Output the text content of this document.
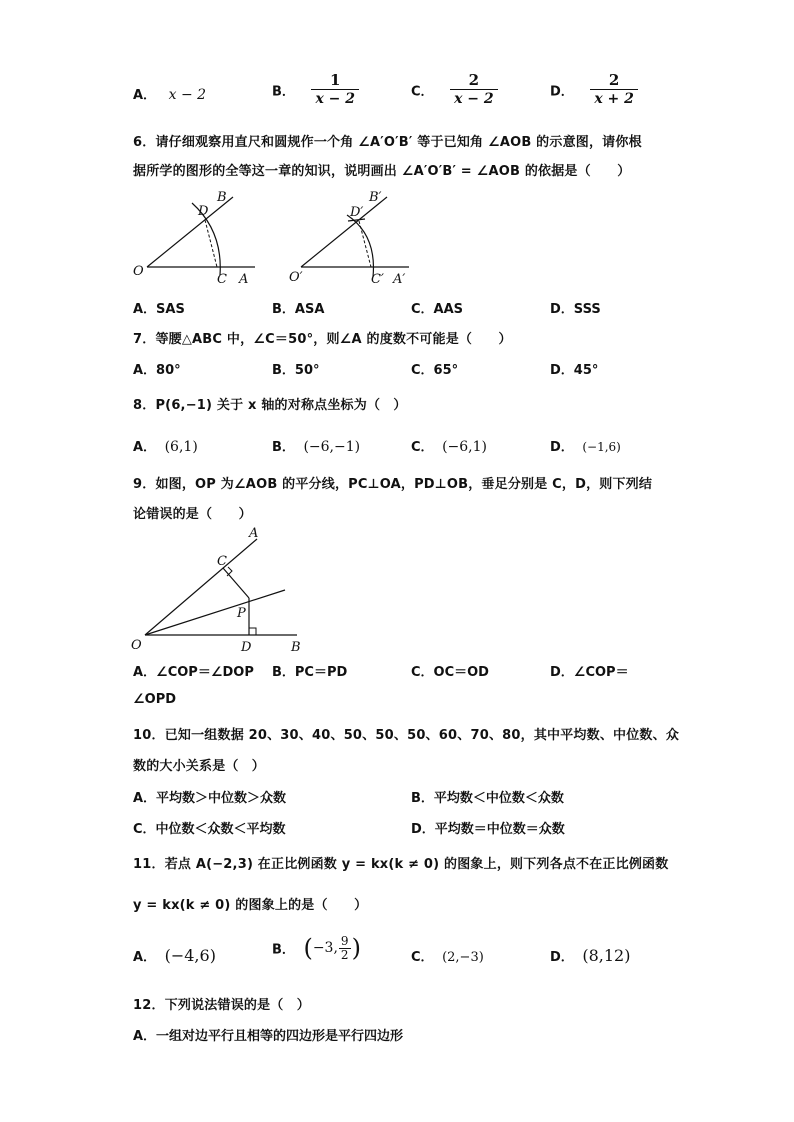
A． x − 2	B． $\frac{1}{x - 2}$	C． $\frac{2}{x - 2}$	D． $\frac{2}{x + 2}$
6．请仔细观察用直尺和圆规作一个角 ∠A′O′B′ 等于已知角 ∠AOB 的示意图，请你根
据所学的图形的全等这一章的知识，说明画出 ∠A′O′B′ = ∠AOB 的依据是（　　）
B
D
O
C A
B′
D′
O′	C′ A′
A．SAS	B．ASA	C．AAS	D．SSS
7．等腰△ABC 中，∠C＝50°，则∠A 的度数不可能是（　　）
A．80°	B．50°	C．65°	D．45°
8．P(6,−1) 关于 x 轴的对称点坐标为（　）
A． (6,1)	B． (−6,−1)	C． (−6,1)	D． (−1,6)
9．如图，OP 为∠AOB 的平分线，PC⊥OA，PD⊥OB，垂足分别是 C，D，则下列结
论错误的是（　　）
A
C
P
O	D	B
A．∠COP＝∠DOP B．PC＝PD	C．OC＝OD	D．∠COP＝
∠OPD
10．已知一组数据 20、30、40、50、50、50、60、70、80，其中平均数、中位数、众
数的大小关系是（　）
A．平均数＞中位数＞众数	B．平均数＜中位数＜众数
C．中位数＜众数＜平均数	D．平均数＝中位数＝众数
11．若点 A(−2,3) 在正比例函数 y = kx(k ≠ 0) 的图象上，则下列各点不在正比例函数
y = kx(k ≠ 0) 的图象上的是（　　）
A． (−4,6)	B． (−3, $\frac{9}{2}$ )	C． (2,−3)	D． (8,12)
12．下列说法错误的是（　）
A．一组对边平行且相等的四边形是平行四边形
